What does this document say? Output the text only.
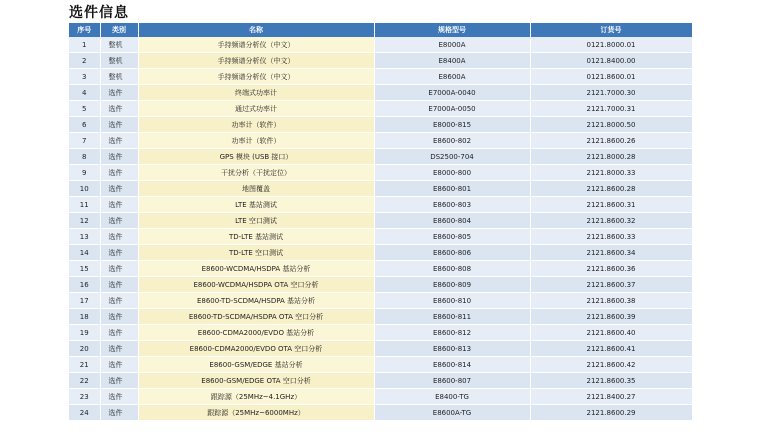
选件信息
序号	类别	名称	规格型号	订货号
1	整机	手持频谱分析仪（中文）	E8000A	0121.8000.01
2	整机	手持频谱分析仪（中文）	E8400A	0121.8400.00
3	整机	手持频谱分析仪（中文）	E8600A	0121.8600.01
4	选件	终端式功率计	E7000A-0040	2121.7000.30
5	选件	通过式功率计	E7000A-0050	2121.7000.31
6	选件	功率计（软件）	E8000-815	2121.8000.50
7	选件	功率计（软件）	E8600-802	2121.8600.26
8	选件	GPS 模块 (USB 接口）	DS2500-704	2121.8000.28
9	选件	干扰分析（干扰定位）	E8000-800	2121.8000.33
10	选件	地图覆盖	E8600-801	2121.8600.28
11	选件	LTE 基站测试	E8600-803	2121.8600.31
12	选件	LTE 空口测试	E8600-804	2121.8600.32
13	选件	TD-LTE 基站测试	E8600-805	2121.8600.33
14	选件	TD-LTE 空口测试	E8600-806	2121.8600.34
15	选件	E8600-WCDMA/HSDPA 基站分析	E8600-808	2121.8600.36
16	选件	E8600-WCDMA/HSDPA OTA 空口分析	E8600-809	2121.8600.37
17	选件	E8600-TD-SCDMA/HSDPA 基站分析	E8600-810	2121.8600.38
18	选件	E8600-TD-SCDMA/HSDPA OTA 空口分析	E8600-811	2121.8600.39
19	选件	E8600-CDMA2000/EVDO 基站分析	E8600-812	2121.8600.40
20	选件	E8600-CDMA2000/EVDO OTA 空口分析	E8600-813	2121.8600.41
21	选件	E8600-GSM/EDGE 基站分析	E8600-814	2121.8600.42
22	选件	E8600-GSM/EDGE OTA 空口分析	E8600-807	2121.8600.35
23	选件	跟踪源（25MHz~4.1GHz）	E8400-TG	2121.8400.27
24	选件	跟踪源（25MHz~6000MHz）	E8600A-TG	2121.8600.29
